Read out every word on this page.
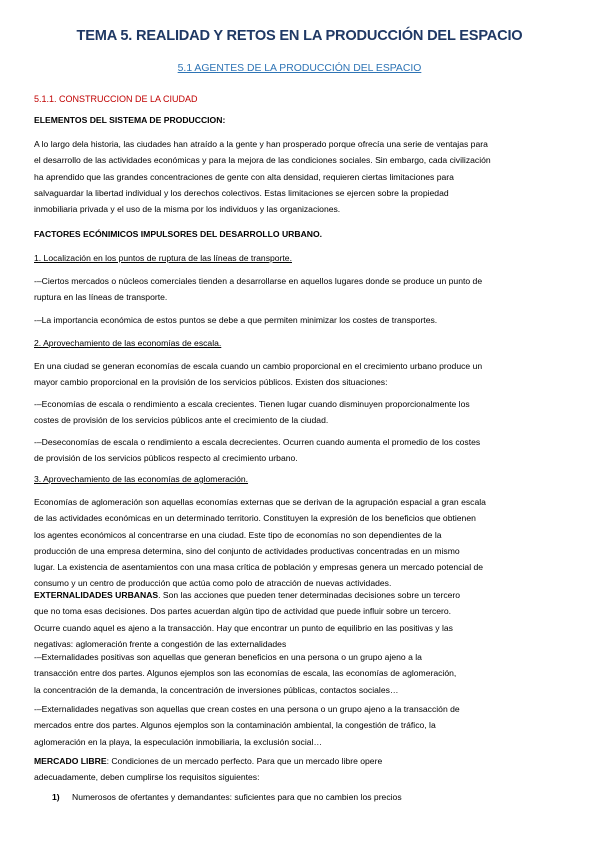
TEMA 5. REALIDAD Y RETOS EN LA PRODUCCIÓN DEL ESPACIO
5.1 AGENTES DE LA PRODUCCIÓN DEL ESPACIO
5.1.1. CONSTRUCCION DE LA CIUDAD

ELEMENTOS DEL SISTEMA DE PRODUCCION:

A lo largo dela historia, las ciudades han atraído a la gente y han prosperado porque ofrecía una serie de ventajas para

el desarrollo de las actividades económicas y para la mejora de las condiciones sociales. Sin embargo, cada civilización

ha aprendido que las grandes concentraciones de gente con alta densidad, requieren ciertas limitaciones para

salvaguardar la libertad individual y los derechos colectivos. Estas limitaciones se ejercen sobre la propiedad

inmobiliaria privada y el uso de la misma por los individuos y las organizaciones.

FACTORES ECÓNIMICOS IMPULSORES DEL DESARROLLO URBANO.

1. Localización en los puntos de ruptura de las líneas de transporte.

-–Ciertos mercados o núcleos comerciales tienden a desarrollarse en aquellos lugares donde se produce un punto de

ruptura en las líneas de transporte.

-–La importancia económica de estos puntos se debe a que permiten minimizar los costes de transportes.

2. Aprovechamiento de las economías de escala.

En una ciudad se generan economías de escala cuando un cambio proporcional en el crecimiento urbano produce un

mayor cambio proporcional en la provisión de los servicios públicos. Existen dos situaciones:

-–Economías de escala o rendimiento a escala crecientes. Tienen lugar cuando disminuyen proporcionalmente los

costes de provisión de los servicios públicos ante el crecimiento de la ciudad.

-–Deseconomías de escala o rendimiento a escala decrecientes. Ocurren cuando aumenta el promedio de los costes

de provisión de los servicios públicos respecto al crecimiento urbano.

3. Aprovechamiento de las economías de aglomeración.

Economías de aglomeración son aquellas economías externas que se derivan de la agrupación espacial a gran escala

de las actividades económicas en un determinado territorio. Constituyen la expresión de los beneficios que obtienen

los agentes económicos al concentrarse en una ciudad. Este tipo de economías no son dependientes de la

producción de una empresa determina, sino del conjunto de actividades productivas concentradas en un mismo

lugar. La existencia de asentamientos con una masa crítica de población y empresas genera un mercado potencial de

consumo y un centro de producción que actúa como polo de atracción de nuevas actividades.

EXTERNALIDADES URBANAS. Son las acciones que pueden tener determinadas decisiones sobre un tercero

que no toma esas decisiones. Dos partes acuerdan algún tipo de actividad que puede influir sobre un tercero.

Ocurre cuando aquel es ajeno a la transacción. Hay que encontrar un punto de equilibrio en las positivas y las

negativas: aglomeración frente a congestión de las externalidades

-–Externalidades positivas son aquellas que generan beneficios en una persona o un grupo ajeno a la

transacción entre dos partes. Algunos ejemplos son las economías de escala, las economías de aglomeración,

la concentración de la demanda, la concentración de inversiones públicas, contactos sociales…

-–Externalidades negativas son aquellas que crean costes en una persona o un grupo ajeno a la transacción de

mercados entre dos partes. Algunos ejemplos son la contaminación ambiental, la congestión de tráfico, la

aglomeración en la playa, la especulación inmobiliaria, la exclusión social…

MERCADO LIBRE: Condiciones de un mercado perfecto. Para que un mercado libre opere

adecuadamente, deben cumplirse los requisitos siguientes:

1) Numerosos de ofertantes y demandantes: suficientes para que no cambien los precios
